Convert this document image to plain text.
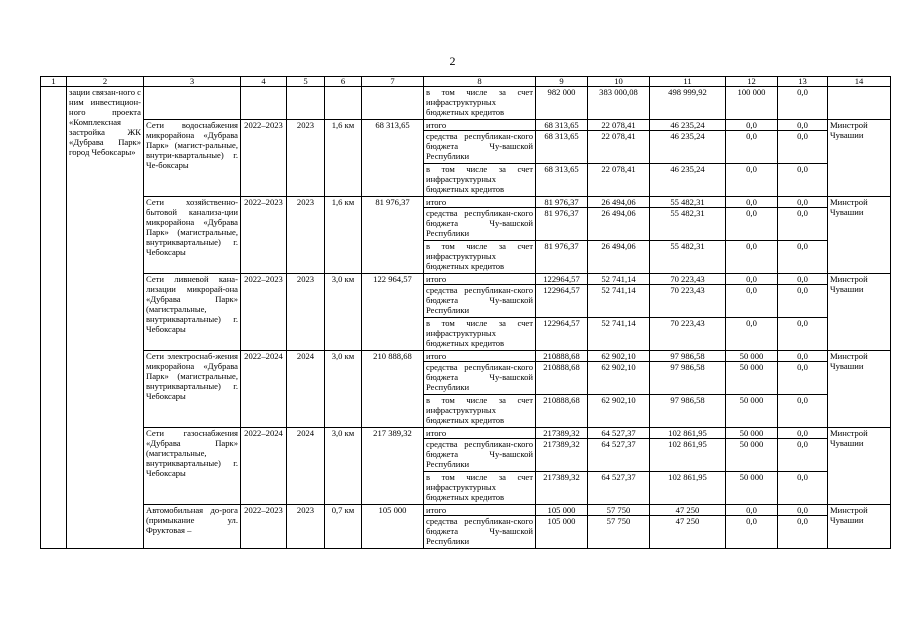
2
1	2	3	4	5	6	7	8	9	10	11	12	13	14
	зации связан-ного с ним инвестицион-ного проекта «Комплексная застройка ЖК «Дубрава Парк» город Чебоксары»						в том числе за счет инфраструктурных бюджетных кредитов	982 000	383 000,08	498 999,92	100 000	0,0	
		Сети водоснабжения микрорайона «Дубрава Парк» (магист-ральные, внутри-квартальные) г. Че-боксары	2022–2023	2023	1,6 км	68 313,65	итого	68 313,65	22 078,41	46 235,24	0,0	0,0	Минстрой Чувашии
							средства республикан-ского бюджета Чу-вашской Республики	68 313,65	22 078,41	46 235,24	0,0	0,0	
							в том числе за счет инфраструктурных бюджетных кредитов	68 313,65	22 078,41	46 235,24	0,0	0,0	
		Сети хозяйственно-бытовой канализа-ции микрорайона «Дубрава Парк» (магистральные, внутриквартальные) г. Чебоксары	2022–2023	2023	1,6 км	81 976,37	итого	81 976,37	26 494,06	55 482,31	0,0	0,0	Минстрой Чувашии
							средства республикан-ского бюджета Чу-вашской Республики	81 976,37	26 494,06	55 482,31	0,0	0,0	
							в том числе за счет инфраструктурных бюджетных кредитов	81 976,37	26 494,06	55 482,31	0,0	0,0	
		Сети ливневой кана-лизации микрорай-она «Дубрава Парк» (магистральные, внутриквартальные) г. Чебоксары	2022–2023	2023	3,0 км	122 964,57	итого	122964,57	52 741,14	70 223,43	0,0	0,0	Минстрой Чувашии
							средства республикан-ского бюджета Чу-вашской Республики	122964,57	52 741,14	70 223,43	0,0	0,0	
							в том числе за счет инфраструктурных бюджетных кредитов	122964,57	52 741,14	70 223,43	0,0	0,0	
		Сети электроснаб-жения микрорайона «Дубрава Парк» (магистральные, внутриквартальные) г. Чебоксары	2022–2024	2024	3,0 км	210 888,68	итого	210888,68	62 902,10	97 986,58	50 000	0,0	Минстрой Чувашии
							средства республикан-ского бюджета Чу-вашской Республики	210888,68	62 902,10	97 986,58	50 000	0,0	
							в том числе за счет инфраструктурных бюджетных кредитов	210888,68	62 902,10	97 986,58	50 000	0,0	
		Сети газоснабжения «Дубрава Парк» (магистральные, внутриквартальные) г. Чебоксары	2022–2024	2024	3,0 км	217 389,32	итого	217389,32	64 527,37	102 861,95	50 000	0,0	Минстрой Чувашии
							средства республикан-ского бюджета Чу-вашской Республики	217389,32	64 527,37	102 861,95	50 000	0,0	
							в том числе за счет инфраструктурных бюджетных кредитов	217389,32	64 527,37	102 861,95	50 000	0,0	
		Автомобильная до-рога (примыкание ул. Фруктовая –	2022–2023	2023	0,7 км	105 000	итого	105 000	57 750	47 250	0,0	0,0	Минстрой Чувашии
							средства республикан-ского бюджета Чу-вашской Республики	105 000	57 750	47 250	0,0	0,0	
